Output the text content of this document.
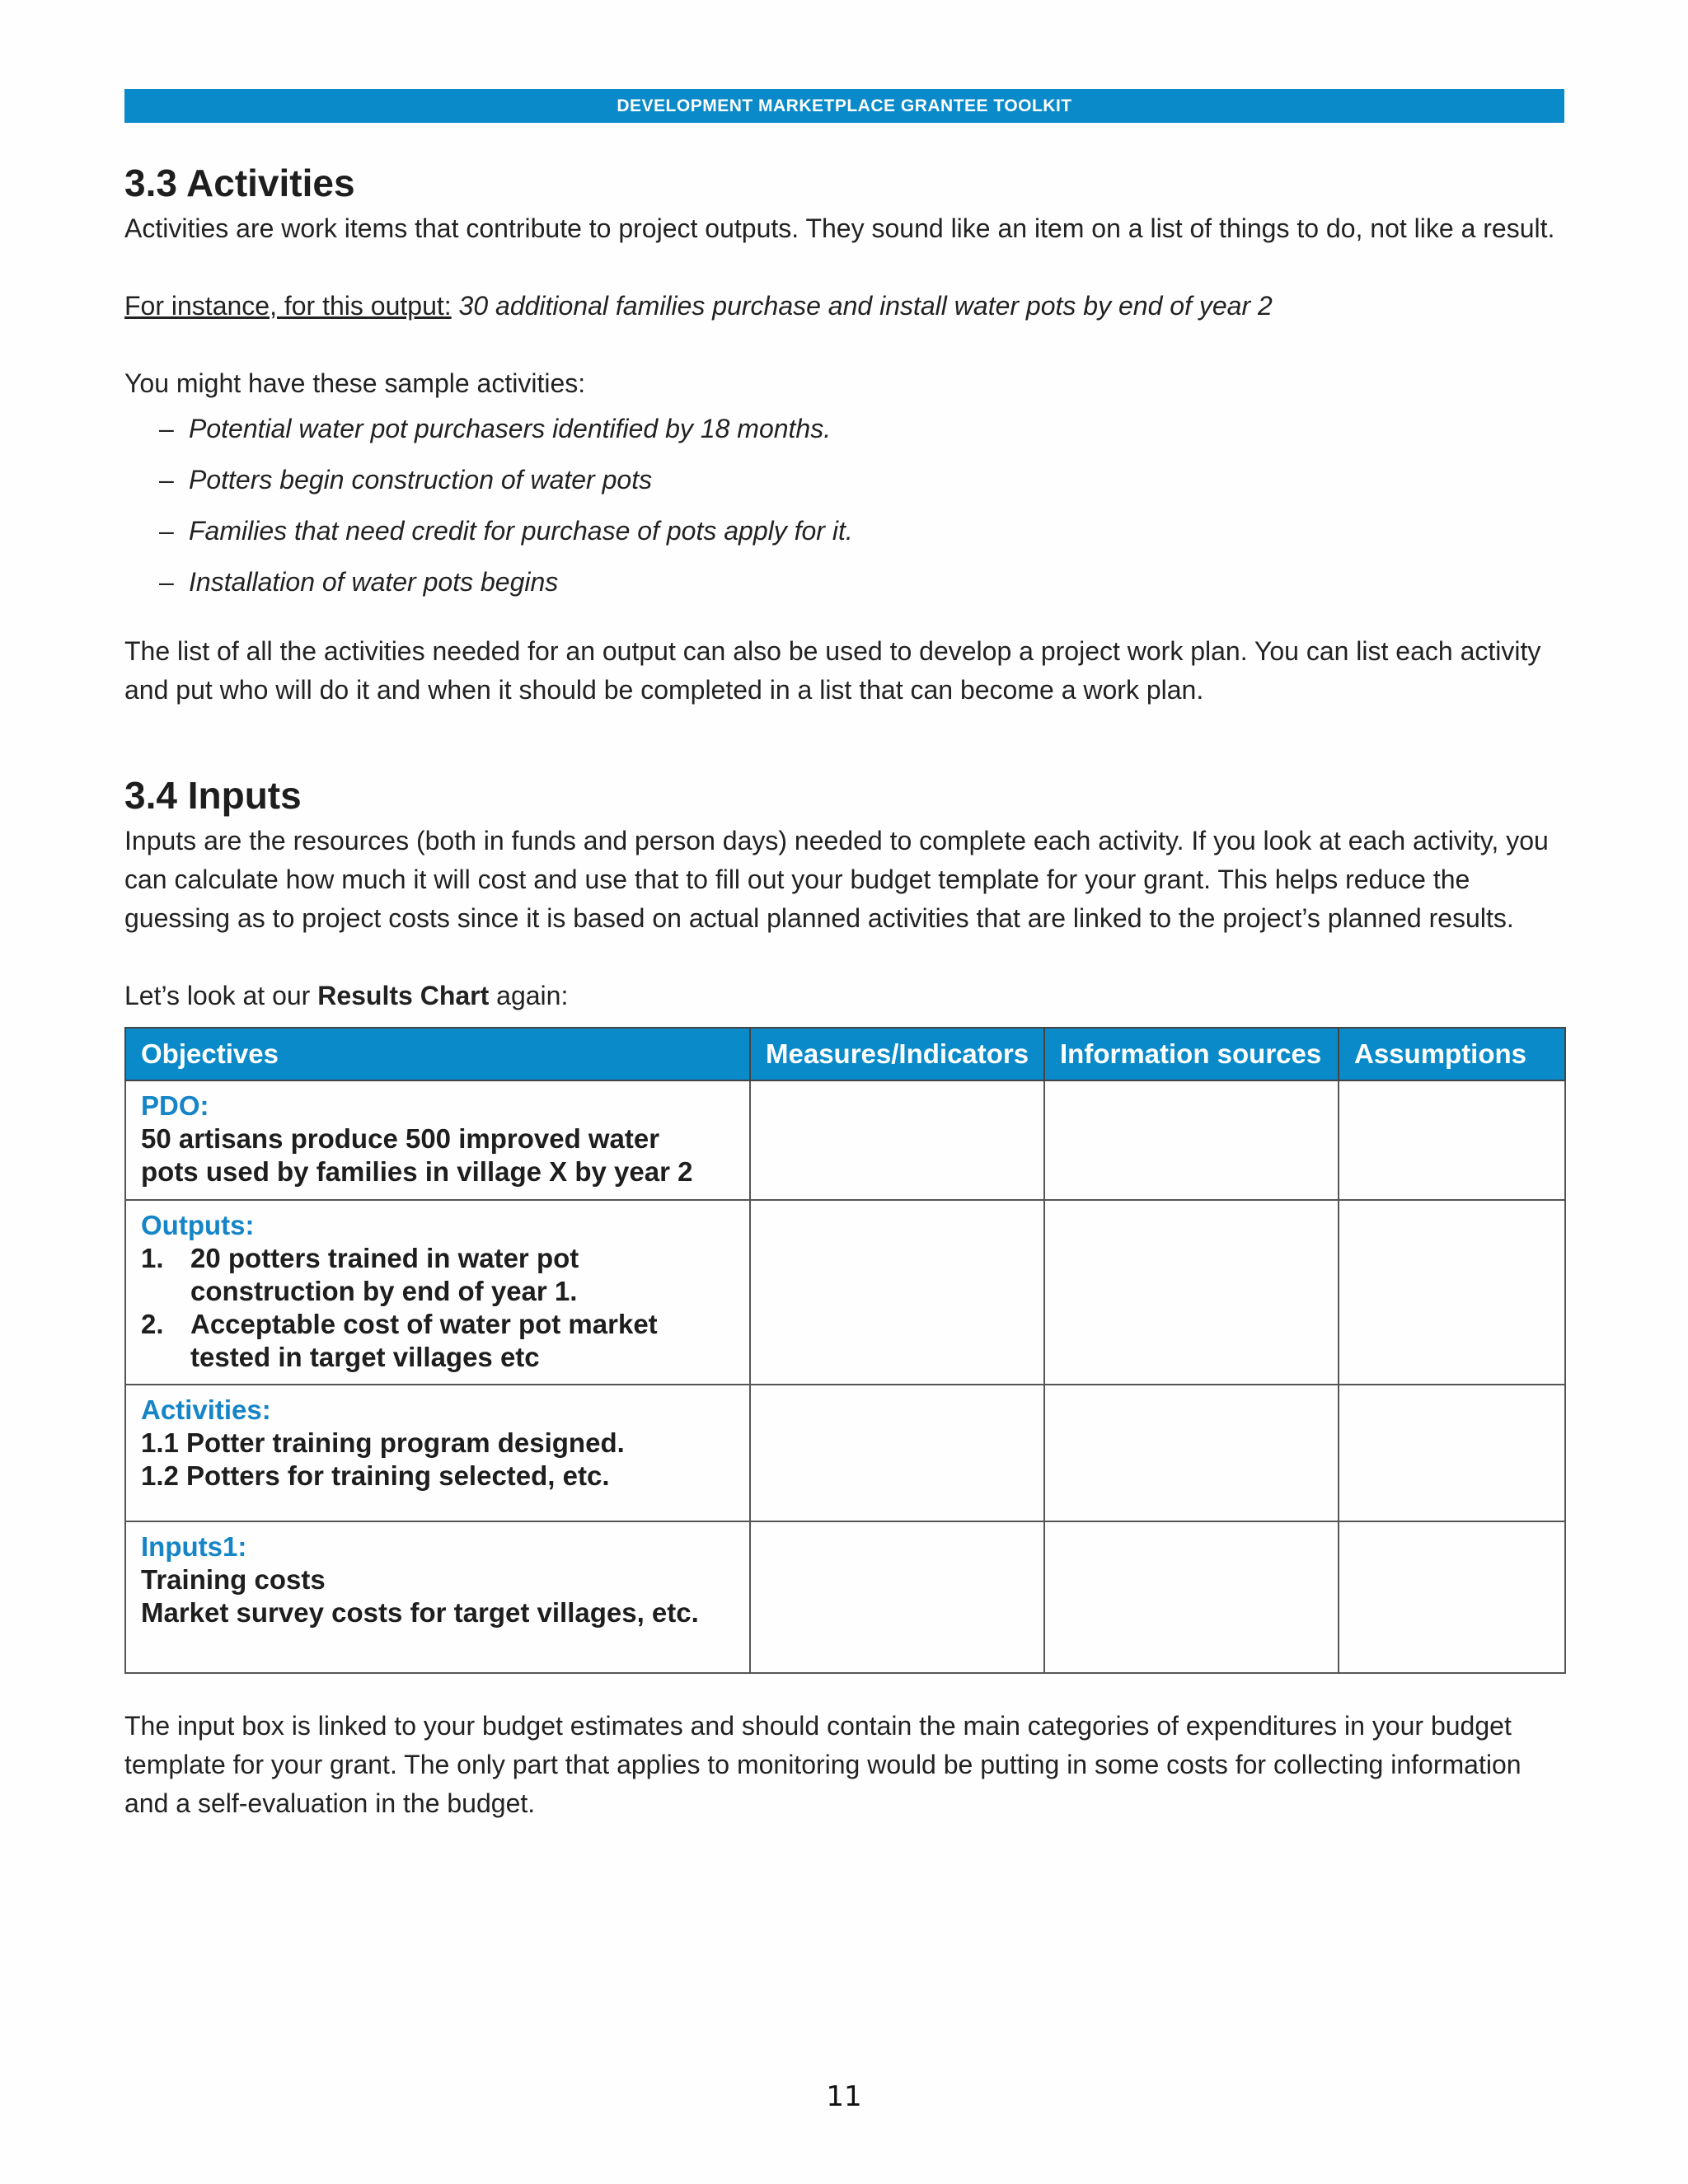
DEVELOPMENT MARKETPLACE GRANTEE TOOLKIT
3.3 Activities

Activities are work items that contribute to project outputs. They sound like an item on a list of things to do, not like a result.

For instance, for this output: 30 additional families purchase and install water pots by end of year 2

You might have these sample activities:

– Potential water pot purchasers identified by 18 months.
– Potters begin construction of water pots
– Families that need credit for purchase of pots apply for it.
– Installation of water pots begins

The list of all the activities needed for an output can also be used to develop a project work plan. You can list each activity and put who will do it and when it should be completed in a list that can become a work plan.

3.4 Inputs

Inputs are the resources (both in funds and person days) needed to complete each activity. If you look at each activity, you can calculate how much it will cost and use that to fill out your budget template for your grant. This helps reduce the guessing as to project costs since it is based on actual planned activities that are linked to the project’s planned results.

Let’s look at our Results Chart again:

Objectives	Measures/Indicators	Information sources	Assumptions

PDO:
50 artisans produce 500 improved water
pots used by families in village X by year 2			

Outputs:
1. 20 potters trained in water pot construction by end of year 1.
2. Acceptable cost of water pot market tested in target villages etc			

Activities:
1.1 Potter training program designed.
1.2 Potters for training selected, etc.			

Inputs1:
Training costs
Market survey costs for target villages, etc.			

The input box is linked to your budget estimates and should contain the main categories of expenditures in your budget template for your grant. The only part that applies to monitoring would be putting in some costs for collecting information and a self-evaluation in the budget.

11
